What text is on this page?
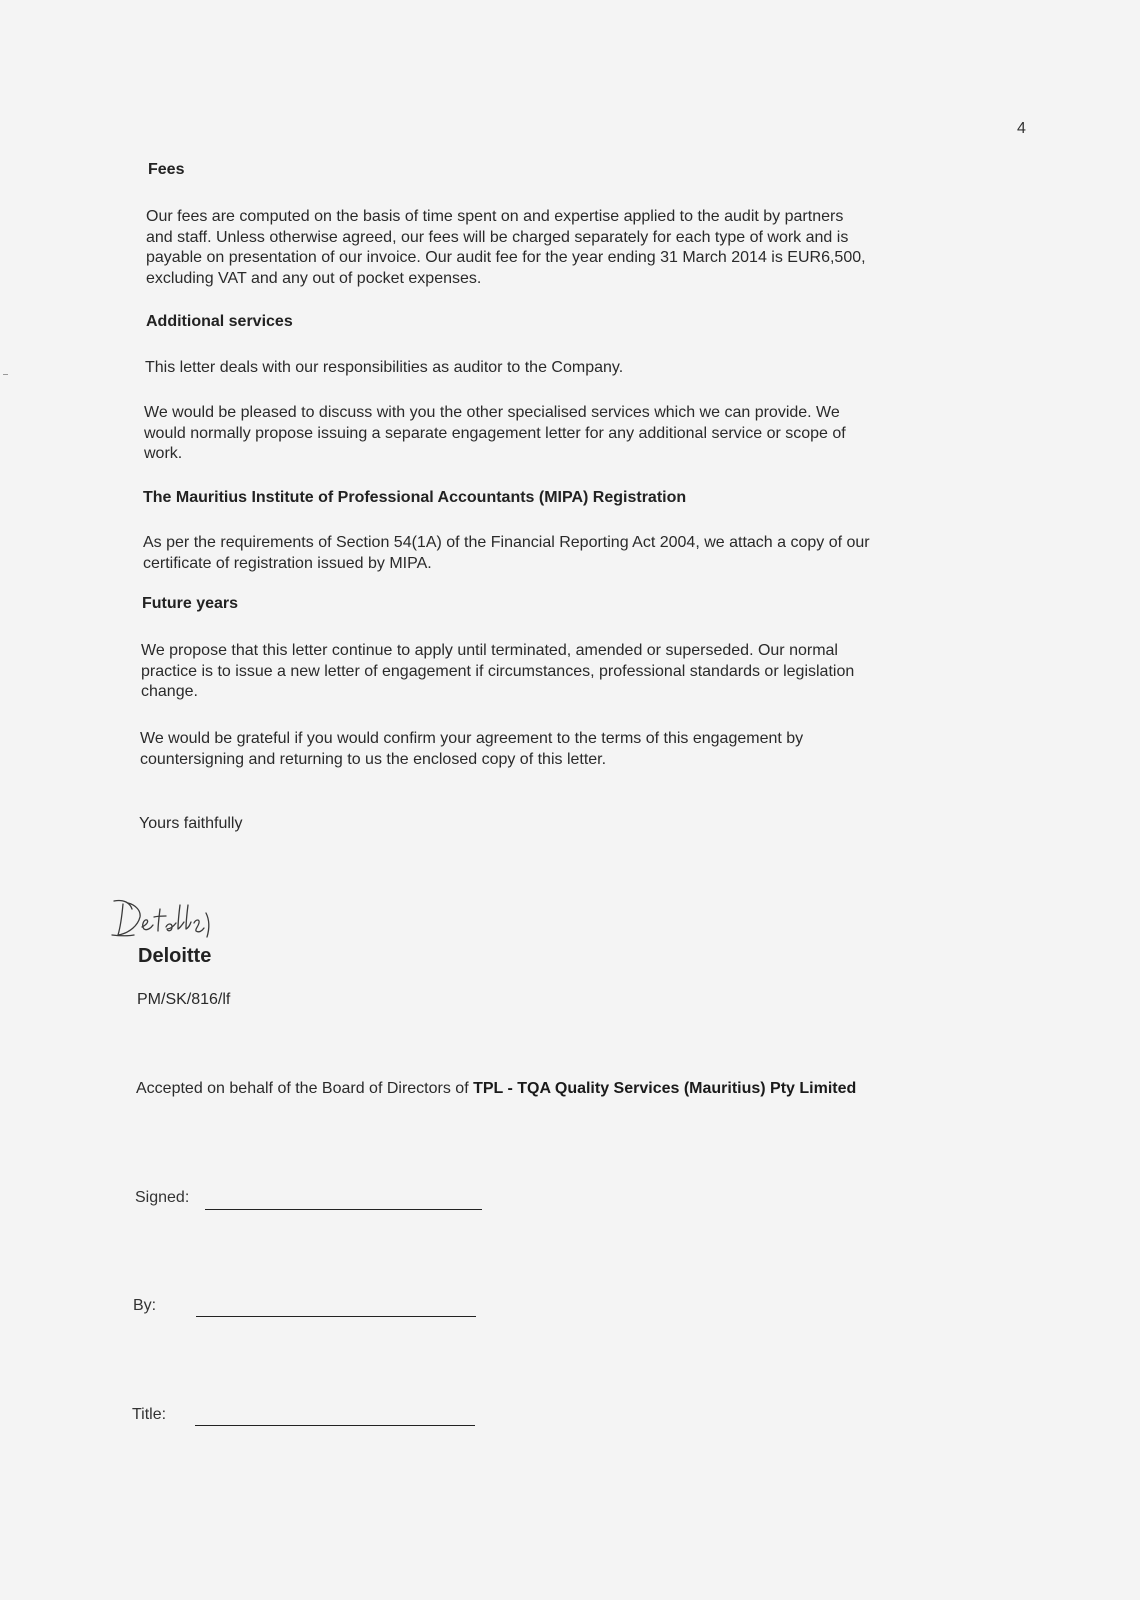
4
Fees

Our fees are computed on the basis of time spent on and expertise applied to the audit by partners
and staff. Unless otherwise agreed, our fees will be charged separately for each type of work and is
payable on presentation of our invoice. Our audit fee for the year ending 31 March 2014 is EUR6,500,
excluding VAT and any out of pocket expenses.

Additional services
This letter deals with our responsibilities as auditor to the Company.

We would be pleased to discuss with you the other specialised services which we can provide. We
would normally propose issuing a separate engagement letter for any additional service or scope of
work.

The Mauritius Institute of Professional Accountants (MIPA) Registration

As per the requirements of Section 54(1A) of the Financial Reporting Act 2004, we attach a copy of our
certificate of registration issued by MIPA.

Future years

We propose that this letter continue to apply until terminated, amended or superseded. Our normal
practice is to issue a new letter of engagement if circumstances, professional standards or legislation
change.

We would be grateful if you would confirm your agreement to the terms of this engagement by
countersigning and returning to us the enclosed copy of this letter.

Yours faithfully
Deloitte Deloitte
PM/SK/816/lf
Accepted on behalf of the Board of Directors of TPL - TQA Quality Services (Mauritius) Pty Limited
Signed:
By:
Title:
